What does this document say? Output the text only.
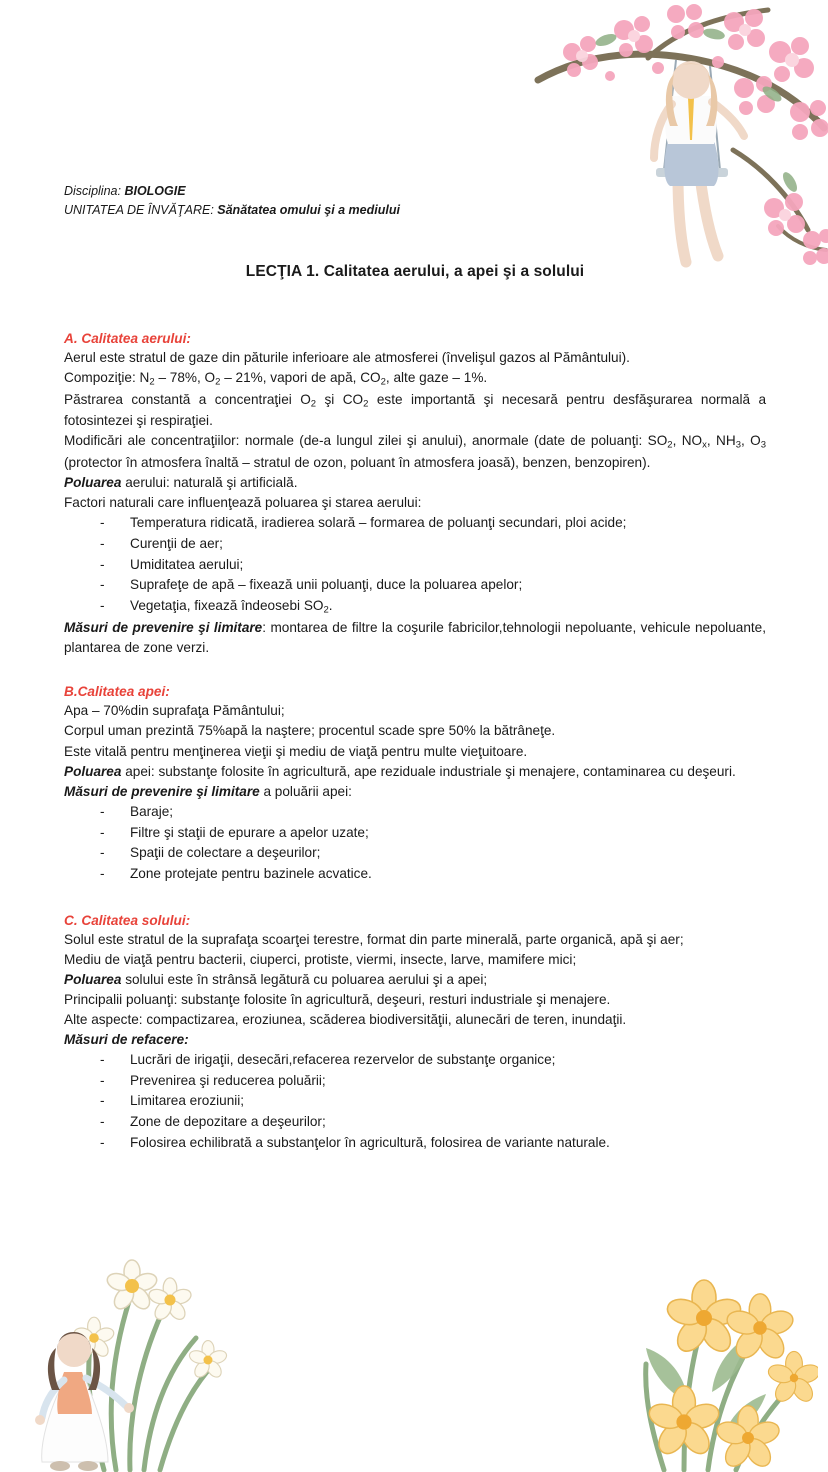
Disciplina: BIOLOGIE
UNITATEA DE ÎNVĂŢARE: Sănătatea omului şi a mediului
LECŢIA 1. Calitatea aerului, a apei şi a solului
A. Calitatea aerului:

Aerul este stratul de gaze din păturile inferioare ale atmosferei (învelişul gazos al Pământului).

Compoziţie: $N_2 - 78\%$, $O_2 - 21\%$, vapori de apă, $CO_2$, alte gaze – 1%.

Păstrarea constantă a concentraţiei $O_2$ şi $CO_2$ este importantă şi necesară pentru desfăşurarea normală a fotosintezei şi respiraţiei.

Modificări ale concentraţiilor: normale (de-a lungul zilei şi anului), anormale (date de poluanţi: $SO_2$, $NO_x$, $NH_3$, $O_3$ (protector în atmosfera înaltă – stratul de ozon, poluant în atmosfera joasă), benzen, benzopiren).

Poluarea aerului: naturală şi artificială.

Factori naturali care influenţează poluarea şi starea aerului:

- Temperatura ridicată, iradierea solară – formarea de poluanţi secundari, ploi acide;
- Curenţii de aer;
- Umiditatea aerului;
- Suprafeţe de apă – fixează unii poluanţi, duce la poluarea apelor;
- Vegetaţia, fixează îndeosebi $SO_2$.

Măsuri de prevenire şi limitare: montarea de filtre la coşurile fabricilor,tehnologii nepoluante, vehicule nepoluante, plantarea de zone verzi.

B.Calitatea apei:

Apa – 70%din suprafaţa Pământului;

Corpul uman prezintă 75%apă la naştere; procentul scade spre 50% la bătrâneţe.

Este vitală pentru menţinerea vieţii şi mediu de viaţă pentru multe vieţuitoare.

Poluarea apei: substanţe folosite în agricultură, ape reziduale industriale şi menajere, contaminarea cu deşeuri.

Măsuri de prevenire şi limitare a poluării apei:

- Baraje;
- Filtre şi staţii de epurare a apelor uzate;
- Spaţii de colectare a deşeurilor;
- Zone protejate pentru bazinele acvatice.
C. Calitatea solului:

Solul este stratul de la suprafaţa scoarţei terestre, format din parte minerală, parte organică, apă şi aer;

Mediu de viaţă pentru bacterii, ciuperci, protiste, viermi, insecte, larve, mamifere mici;

Poluarea solului este în strânsă legătură cu poluarea aerului şi a apei;

Principalii poluanţi: substanţe folosite în agricultură, deşeuri, resturi industriale şi menajere.

Alte aspecte: compactizarea, eroziunea, scăderea biodiversităţii, alunecări de teren, inundaţii.

Măsuri de refacere:

- Lucrări de irigaţii, desecări,refacerea rezervelor de substanţe organice;
- Prevenirea şi reducerea poluării;
- Limitarea eroziunii;
- Zone de depozitare a deşeurilor;
- Folosirea echilibrată a substanţelor în agricultură, folosirea de variante naturale.
